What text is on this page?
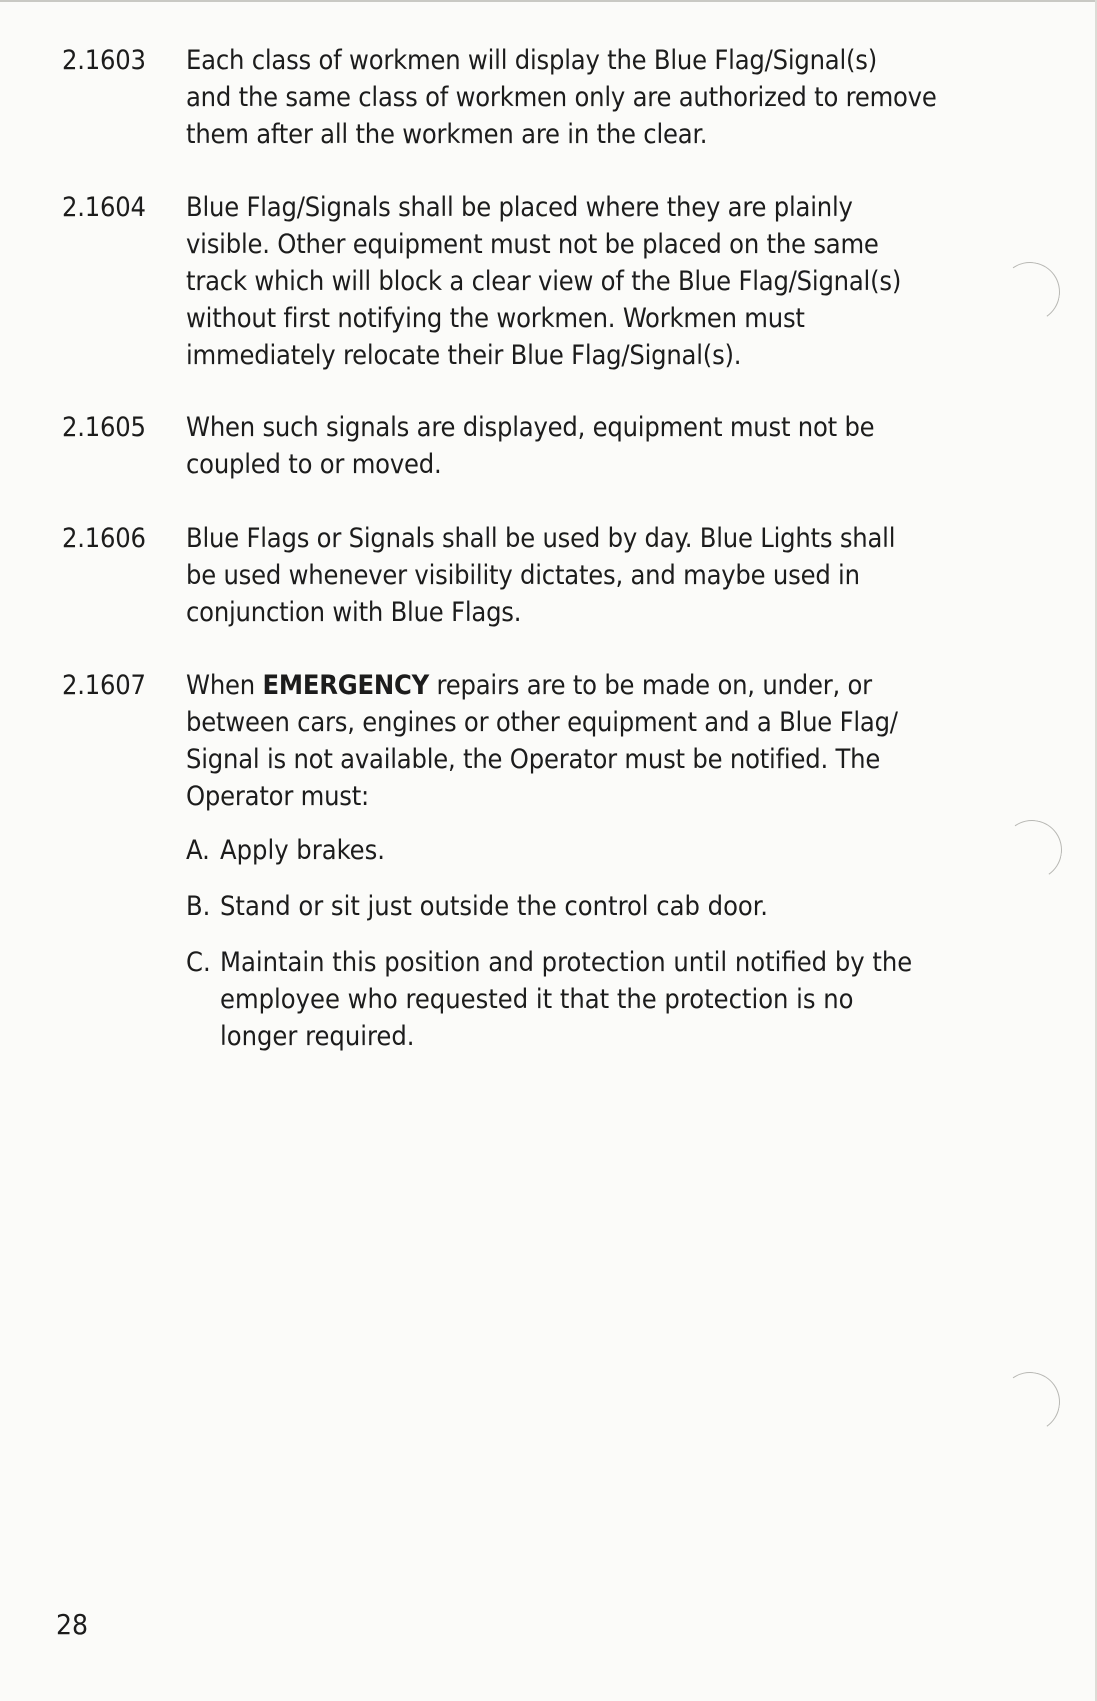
2.1603	Each class of workmen will display the Blue Flag/Signal(s)
and the same class of workmen only are authorized to remove
them after all the workmen are in the clear.
2.1604	Blue Flag/Signals shall be placed where they are plainly
visible. Other equipment must not be placed on the same
track which will block a clear view of the Blue Flag/Signal(s)
without first notifying the workmen. Workmen must
immediately relocate their Blue Flag/Signal(s).
2.1605	When such signals are displayed, equipment must not be
coupled to or moved.
2.1606	Blue Flags or Signals shall be used by day. Blue Lights shall
be used whenever visibility dictates, and maybe used in
conjunction with Blue Flags.
2.1607	When EMERGENCY repairs are to be made on, under, or
between cars, engines or other equipment and a Blue Flag/
Signal is not available, the Operator must be notified. The
Operator must:
A. Apply brakes.
B. Stand or sit just outside the control cab door.
C. Maintain this position and protection until notified by the
employee who requested it that the protection is no
longer required.
28
